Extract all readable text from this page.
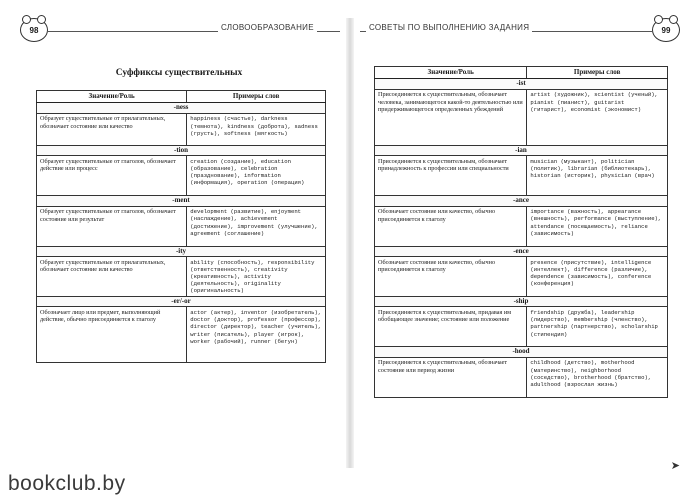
98	СЛОВООБРАЗОВАНИЕ
Суффиксы существительных
Значение/Роль	Примеры слов
-ness	
Образует существительные от прилагательных, обозначает состояние или качество	happiness (счастье), darkness (темнота), kindness (доброта), sadness (грусть), softness (мягкость)
-tion	
Образует существительные от глаголов, обозначает действие или процесс	creation (создание), education (образование), celebration (празднование), information (информация), operation (операция)
-ment	
Образует существительные от глаголов, обозначает состояние или результат	development (развитие), enjoyment (наслаждение), achievement (достижение), improvement (улучшение), agreement (соглашение)
-ity	
Образует существительные от прилагательных, обозначает состояние или качество	ability (способность), responsibility (ответственность), creativity (креативность), activity (деятельность), originality (оригинальность)
-er/-or	
Обозначает лицо или предмет, выполняющий действие, обычно присоединяется к глаголу	actor (актер), inventor (изобретатель), doctor (доктор), professor (профессор), director (директор), teacher (учитель), writer (писатель), player (игрок), worker (рабочий), runner (бегун)
СОВЕТЫ ПО ВЫПОЛНЕНИЮ ЗАДАНИЯ	99
Значение/Роль	Примеры слов
-ist	
Присоединяется к существительным, обозначает человека, занимающегося какой-то деятельностью или придерживающегося определенных убеждений	artist (художник), scientist (ученый), pianist (пианист), guitarist (гитарист), economist (экономист)
-ian	
Присоединяется к существительным, обозначает принадлежность к профессии или специальности	musician (музыкант), politician (политик), librarian (библиотекарь), historian (историк), physician (врач)
-ance	
Обозначает состояние или качество, обычно присоединяется к глаголу	importance (важность), appearance (внешность), performance (выступление), attendance (посещаемость), reliance (зависимость)
-ence	
Обозначает состояние или качество, обычно присоединяется к глаголу	presence (присутствие), intelligence (интеллект), difference (различие), dependence (зависимость), conference (конференция)
-ship	
Присоединяется к существительным, придавая им обобщающее значение; состояние или положение	friendship (дружба), leadership (лидерство), membership (членство), partnership (партнерство), scholarship (стипендия)
-hood	
Присоединяется к существительным, обозначает состояние или период жизни	childhood (детство), motherhood (материнство), neighborhood (соседство), brotherhood (братство), adulthood (взрослая жизнь)
➤
bookclub.by
